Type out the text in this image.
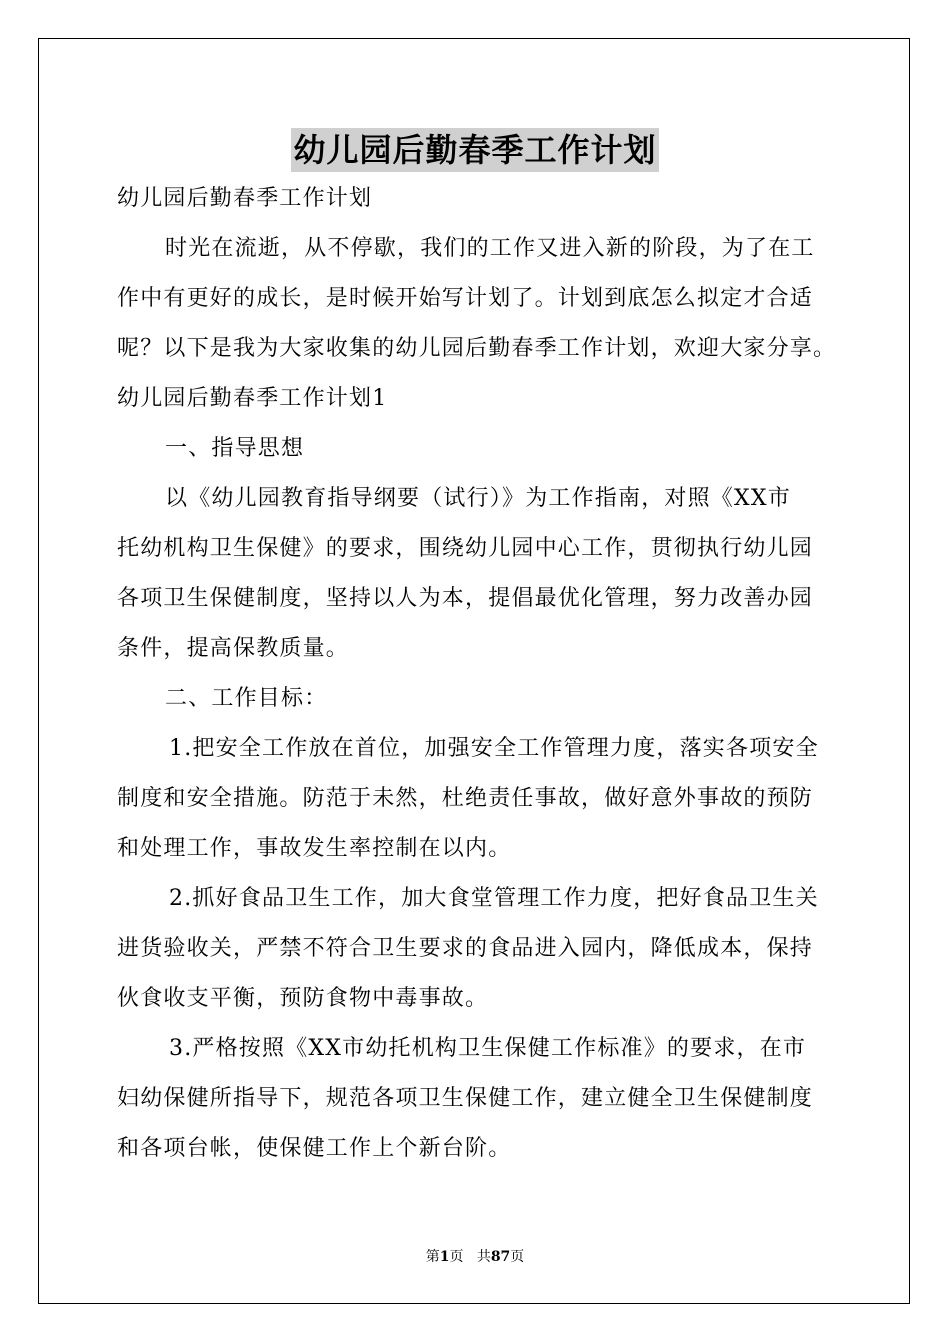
幼儿园后勤春季工作计划
幼儿园后勤春季工作计划
时光在流逝，从不停歇，我们的工作又进入新的阶段，为了在工
作中有更好的成长，是时候开始写计划了。计划到底怎么拟定才合适
呢？以下是我为大家收集的幼儿园后勤春季工作计划，欢迎大家分享。
幼儿园后勤春季工作计划1
一、指导思想
以《幼儿园教育指导纲要（试行）》为工作指南，对照《XX市
托幼机构卫生保健》的要求，围绕幼儿园中心工作，贯彻执行幼儿园
各项卫生保健制度，坚持以人为本，提倡最优化管理，努力改善办园
条件，提高保教质量。
二、工作目标：
1.把安全工作放在首位，加强安全工作管理力度，落实各项安全
制度和安全措施。防范于未然，杜绝责任事故，做好意外事故的预防
和处理工作，事故发生率控制在以内。
2.抓好食品卫生工作，加大食堂管理工作力度，把好食品卫生关
进货验收关，严禁不符合卫生要求的食品进入园内，降低成本，保持
伙食收支平衡，预防食物中毒事故。
3.严格按照《XX市幼托机构卫生保健工作标准》的要求，在市
妇幼保健所指导下，规范各项卫生保健工作，建立健全卫生保健制度
和各项台帐，使保健工作上个新台阶。
第1页 共87页
